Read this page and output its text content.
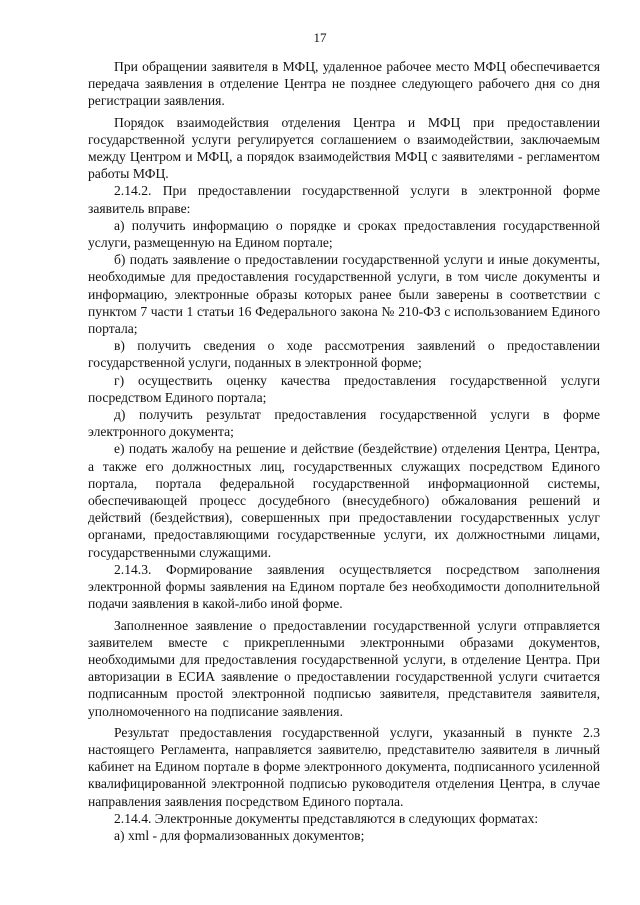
17

При обращении заявителя в МФЦ, удаленное рабочее место МФЦ обеспечивается передача заявления в отделение Центра не позднее следующего рабочего дня со дня регистрации заявления.

Порядок взаимодействия отделения Центра и МФЦ при предоставлении государственной услуги регулируется соглашением о взаимодействии, заключаемым между Центром и МФЦ, а порядок взаимодействия МФЦ с заявителями - регламентом работы МФЦ.

2.14.2. При предоставлении государственной услуги в электронной форме заявитель вправе:

а) получить информацию о порядке и сроках предоставления государственной услуги, размещенную на Едином портале;

б) подать заявление о предоставлении государственной услуги и иные документы, необходимые для предоставления государственной услуги, в том числе документы и информацию, электронные образы которых ранее были заверены в соответствии с пунктом 7 части 1 статьи 16 Федерального закона № 210-ФЗ с использованием Единого портала;

в) получить сведения о ходе рассмотрения заявлений о предоставлении государственной услуги, поданных в электронной форме;

г) осуществить оценку качества предоставления государственной услуги посредством Единого портала;

д) получить результат предоставления государственной услуги в форме электронного документа;

е) подать жалобу на решение и действие (бездействие) отделения Центра, Центра, а также его должностных лиц, государственных служащих посредством Единого портала, портала федеральной государственной информационной системы, обеспечивающей процесс досудебного (внесудебного) обжалования решений и действий (бездействия), совершенных при предоставлении государственных услуг органами, предоставляющими государственные услуги, их должностными лицами, государственными служащими.

2.14.3. Формирование заявления осуществляется посредством заполнения электронной формы заявления на Едином портале без необходимости дополнительной подачи заявления в какой-либо иной форме.

Заполненное заявление о предоставлении государственной услуги отправляется заявителем вместе с прикрепленными электронными образами документов, необходимыми для предоставления государственной услуги, в отделение Центра. При авторизации в ЕСИА заявление о предоставлении государственной услуги считается подписанным простой электронной подписью заявителя, представителя заявителя, уполномоченного на подписание заявления.

Результат предоставления государственной услуги, указанный в пункте 2.3 настоящего Регламента, направляется заявителю, представителю заявителя в личный кабинет на Едином портале в форме электронного документа, подписанного усиленной квалифицированной электронной подписью руководителя отделения Центра, в случае направления заявления посредством Единого портала.

2.14.4. Электронные документы представляются в следующих форматах:

а) xml - для формализованных документов;
